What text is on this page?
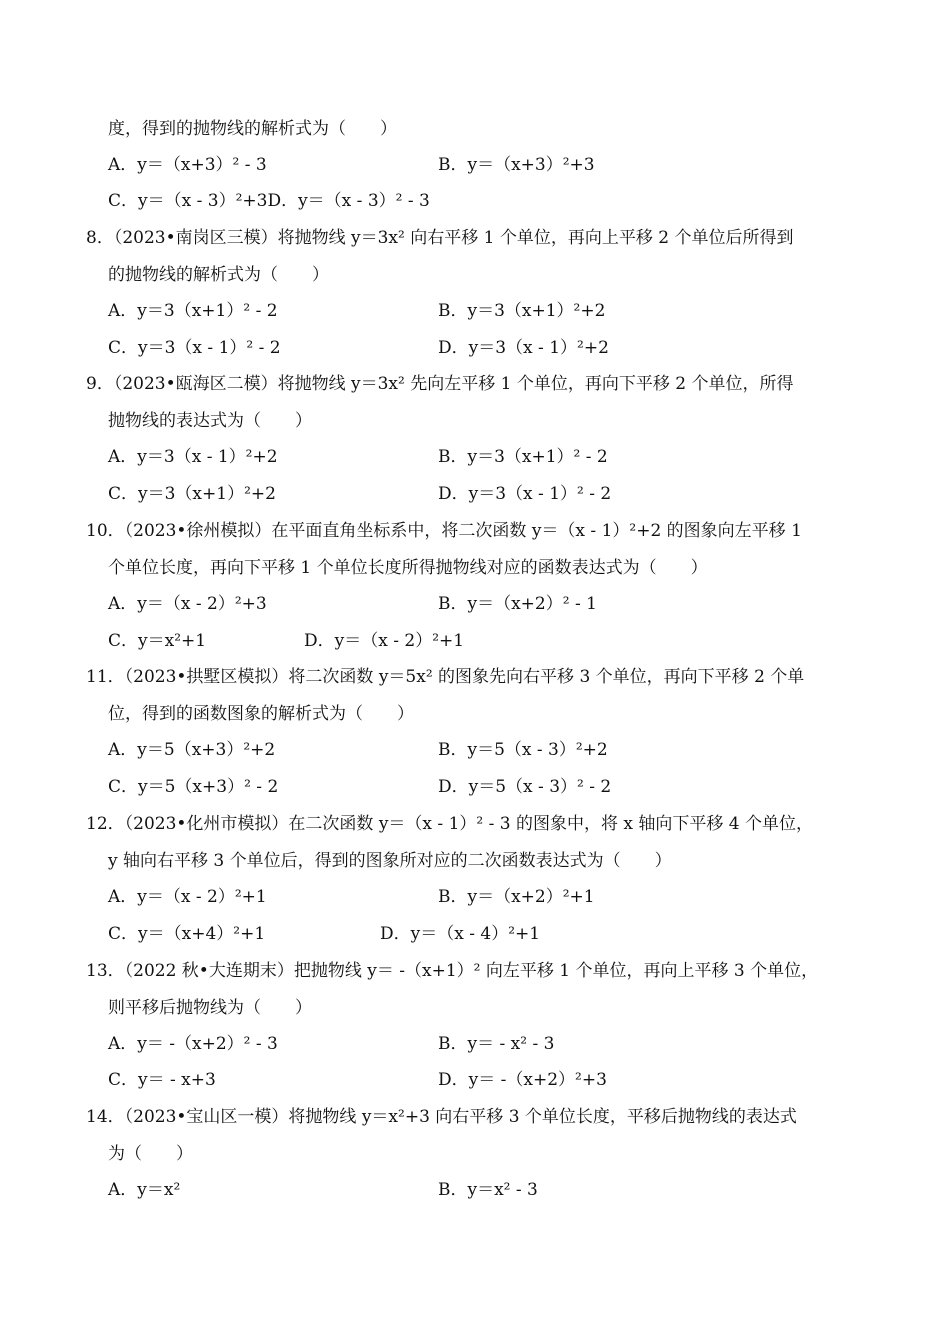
度，得到的抛物线的解析式为（　　）
A．y＝（x+3）² ‑ 3	B．y＝（x+3）²+3
C．y＝（x ‑ 3）²+3D．y＝（x ‑ 3）² ‑ 3
8．（2023•南岗区三模）将抛物线 y＝3x² 向右平移 1 个单位，再向上平移 2 个单位后所得到
的抛物线的解析式为（　　）
A．y＝3（x+1）² ‑ 2	B．y＝3（x+1）²+2
C．y＝3（x ‑ 1）² ‑ 2	D．y＝3（x ‑ 1）²+2
9．（2023•瓯海区二模）将抛物线 y＝3x² 先向左平移 1 个单位，再向下平移 2 个单位，所得
抛物线的表达式为（　　）
A．y＝3（x ‑ 1）²+2	B．y＝3（x+1）² ‑ 2
C．y＝3（x+1）²+2	D．y＝3（x ‑ 1）² ‑ 2
10．（2023•徐州模拟）在平面直角坐标系中，将二次函数 y＝（x ‑ 1）²+2 的图象向左平移 1
个单位长度，再向下平移 1 个单位长度所得抛物线对应的函数表达式为（　　）
A．y＝（x ‑ 2）²+3	B．y＝（x+2）² ‑ 1
C．y＝x²+1	D．y＝（x ‑ 2）²+1
11．（2023•拱墅区模拟）将二次函数 y＝5x² 的图象先向右平移 3 个单位，再向下平移 2 个单
位，得到的函数图象的解析式为（　　）
A．y＝5（x+3）²+2	B．y＝5（x ‑ 3）²+2
C．y＝5（x+3）² ‑ 2	D．y＝5（x ‑ 3）² ‑ 2
12．（2023•化州市模拟）在二次函数 y＝（x ‑ 1）² ‑ 3 的图象中，将 x 轴向下平移 4 个单位，
y 轴向右平移 3 个单位后，得到的图象所对应的二次函数表达式为（　　）
A．y＝（x ‑ 2）²+1	B．y＝（x+2）²+1
C．y＝（x+4）²+1	D．y＝（x ‑ 4）²+1
13．（2022 秋•大连期末）把抛物线 y＝ ‑（x+1）² 向左平移 1 个单位，再向上平移 3 个单位，
则平移后抛物线为（　　）
A．y＝ ‑（x+2）² ‑ 3	B．y＝ ‑ x² ‑ 3
C．y＝ ‑ x+3	D．y＝ ‑（x+2）²+3
14．（2023•宝山区一模）将抛物线 y＝x²+3 向右平移 3 个单位长度，平移后抛物线的表达式
为（　　）
A．y＝x²	B．y＝x² ‑ 3
